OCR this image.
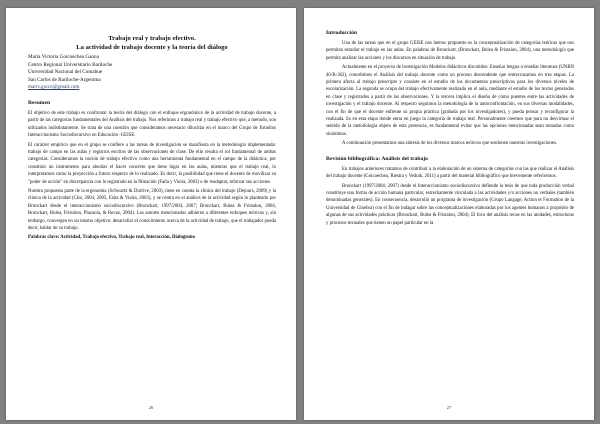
Trabajo real y trabajo efectivo.
La actividad de trabajo docente y la teoría del diálogo
María Victoria Goicoechea Gaona
Centro Regional Universitario Bariloche
Universidad Nacional del Comahue
San Carlos de Bariloche-Argentina
mariv.goico@gmail.com
Resumen

El objetivo de este trabajo es confrontar la teoría del diálogo con el enfoque ergonómico de la actividad de trabajo docente, a partir de las categorías fundamentales del Análisis del trabajo. Nos referimos a trabajo real y trabajo efectivo que, a menudo, son utilizados indistintamente. Se trata de una cuestión que consideramos necesario dilucidar en el marco del Grupo de Estudios Interaccionismo Sociodiscursivo en Educación -GEISE.

El carácter empírico que en el grupo se confiere a las tareas de investigación se manifiesta en la metodología implementada: trabajo de campo en las aulas y registros escritos de las observaciones de clase. De ello resulta el rol fundamental de ambas categorías. Consideramos la noción de trabajo efectivo como una herramienta fundamental en el campo de la didáctica, por constituir un instrumento para abordar el hacer concreto que tiene lugar en las aulas, mientras que el trabajo real, lo interpretamos como la proyección a futuro respecto de lo realizado. Es decir, la posibilidad que tiene el docente de movilizar su "poder de acción" en discrepancia con lo registrado en la filmación (Faïta y Vieira, 2003) o de readaptar, reforzar sus acciones.

Nuestra propuesta parte de la ergonomía (Schwartz & Durrive, 2003), tiene en cuenta la clínica del trabajo (Dejours, 2009) y la clínica de la actividad (Clot, 2004, 2005, Faïta & Vieira, 2003), y se centra en el análisis de la actividad según lo planteado por Bronckart desde el interaccionismo sociodiscursivo (Bronckart, 1997/2004, 2007; Bronckart, Bulea & Fristalon, 2004, Bronckart, Bulea, Fristalon, Plazaola, & Revaz, 2004). Los autores mencionados adhieren a diferentes enfoques teóricos y, sin embargo, convergen en un mismo objetivo: desarrollar el conocimiento acerca de la actividad de trabajo, que el trabajador pueda decir, hablar de su trabajo.

Palabras clave: Actividad, Trabajo efectivo, Trabajo real, Interacción, Dialogismo
26
Introducción

Una de las tareas que en el grupo GEISE nos hemos propuesto es la conceptualización de categorías teóricas que nos permitan estudiar el trabajo en las aulas. En palabras de Bronckart, (Bronckart, Bulea & Fristalon, 2004), una metodología que permita analizar las acciones y los discursos en situación de trabajo.

Actualmente en el proyecto de investigación Modelos didácticos discutidos: Enseñar lengua o enseñar literatura (UNRN 40-B-362), concebimos el Análisis del trabajo docente como un proceso descendente que entrecruzamos en tres etapas. La primera afecta al trabajo prescripto y consiste en el estudio de los documentos prescriptivos para los diversos niveles de escolarización. La segunda se ocupa del trabajo efectivamente realizado en el aula, mediante el estudio de los textos generados en clase y registrados a partir de las observaciones. Y la tercera implica el diseño de cómo puentes entre las actividades de investigación y el trabajo docente. Al respecto seguimos la metodología de la autoconfrontación, en sus diversas modalidades, con el fin de que el docente enfrente su propia práctica (grabada por los investigadores), y pueda pensar y reconfigurar la realizada. Es en esta etapa donde entra en juego la categoría de trabajo real. Personalmente creemos que para no desvirtuar el sentido de la metodología objeto de esta presencia, es fundamental evitar que las opciones mencionadas sean tomadas como sinónimos.

A continuación presentamos una síntesis de los diversos marcos teóricos que sostienen nuestras investigaciones.

Revisión bibliográfica: Análisis del trabajo

En trabajos anteriores tratamos de contribuir a la elaboración de un sistema de categorías con las que realizar el Análisis del trabajo docente (Goicoechea, Riestra y Vedrak, 2011) a partir del material bibliográfico que brevemente referiremos.

Bronckart (1997/2004; 2007) desde el Interaccionismo sociodiscursivo defiende la tesis de que toda producción verbal constituye una forma de acción humana particular, estrechamente vinculada a las actividades y/o acciones no verbales (también denominadas generales). En consecuencia, desarrolló un programa de investigación (Grupo Langage, Action et Formation de la Universidad de Ginebra) con el fin de indagar sobre las conceptualizaciones elaboradas por los agentes humanos a propósito de algunas de sus actividades prácticas (Bronckart, Bulea & Fristalon, 2004). El foco del análisis recae en las unidades, estructuras y procesos textuales que tienen un papel particular en la

27
